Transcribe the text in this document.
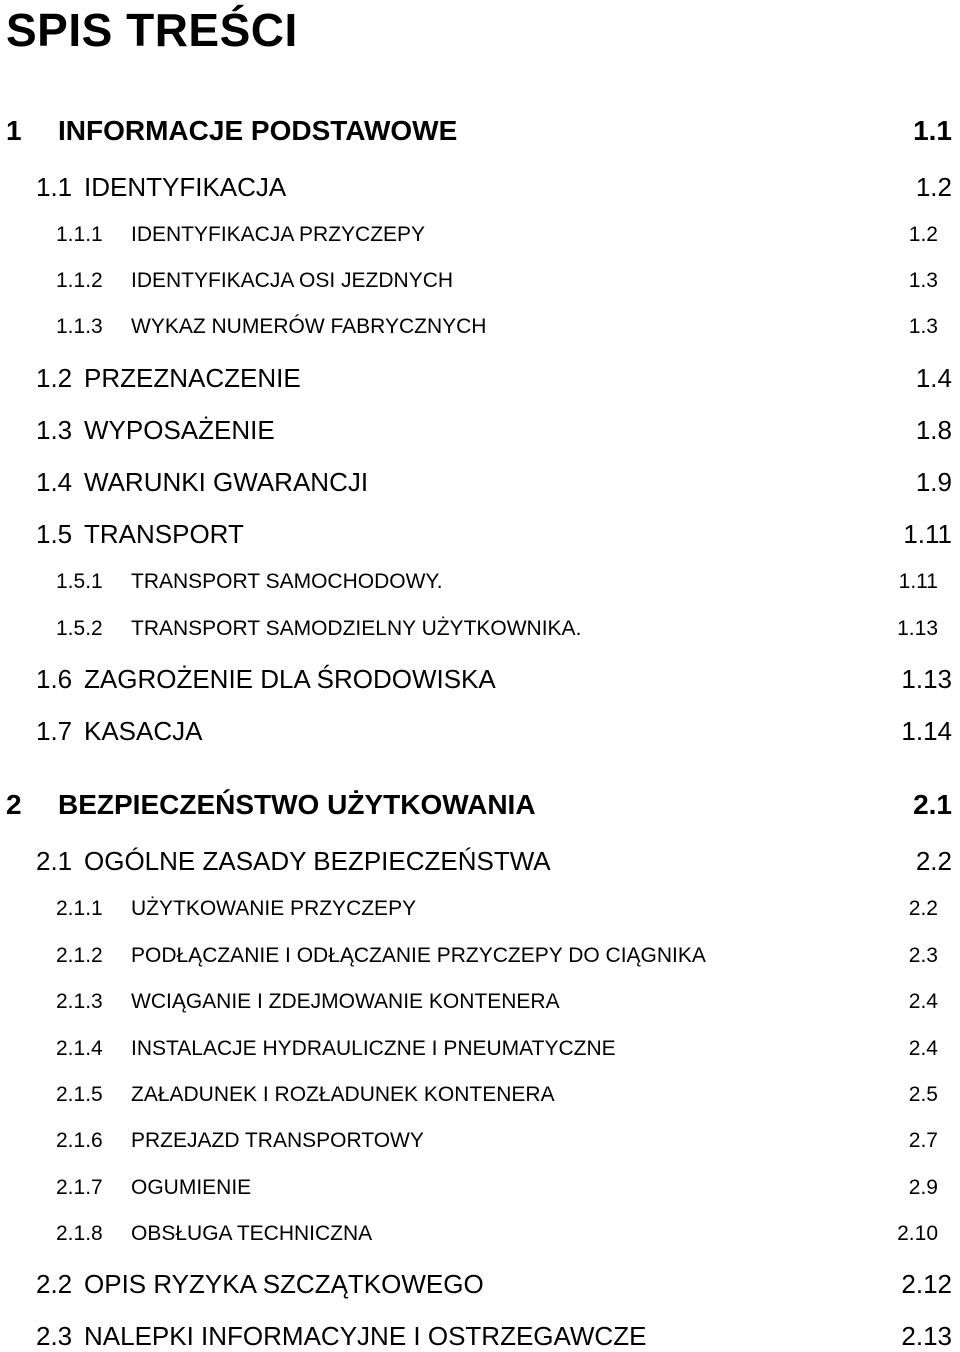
SPIS TREŚCI
1 INFORMACJE PODSTAWOWE	1.1
1.1 IDENTYFIKACJA	1.2
1.1.1 IDENTYFIKACJA PRZYCZEPY	1.2
1.1.2 IDENTYFIKACJA OSI JEZDNYCH	1.3
1.1.3 WYKAZ NUMERÓW FABRYCZNYCH	1.3
1.2 PRZEZNACZENIE	1.4
1.3 WYPOSAŻENIE	1.8
1.4 WARUNKI GWARANCJI	1.9
1.5 TRANSPORT	1.11
1.5.1 TRANSPORT SAMOCHODOWY.	1.11
1.5.2 TRANSPORT SAMODZIELNY UŻYTKOWNIKA.	1.13
1.6 ZAGROŻENIE DLA ŚRODOWISKA	1.13
1.7 KASACJA	1.14
2 BEZPIECZEŃSTWO UŻYTKOWANIA	2.1
2.1 OGÓLNE ZASADY BEZPIECZEŃSTWA	2.2
2.1.1 UŻYTKOWANIE PRZYCZEPY	2.2
2.1.2 PODŁĄCZANIE I ODŁĄCZANIE PRZYCZEPY DO CIĄGNIKA	2.3
2.1.3 WCIĄGANIE I ZDEJMOWANIE KONTENERA	2.4
2.1.4 INSTALACJE HYDRAULICZNE I PNEUMATYCZNE	2.4
2.1.5 ZAŁADUNEK I ROZŁADUNEK KONTENERA	2.5
2.1.6 PRZEJAZD TRANSPORTOWY	2.7
2.1.7 OGUMIENIE	2.9
2.1.8 OBSŁUGA TECHNICZNA	2.10
2.2 OPIS RYZYKA SZCZĄTKOWEGO	2.12
2.3 NALEPKI INFORMACYJNE I OSTRZEGAWCZE	2.13
